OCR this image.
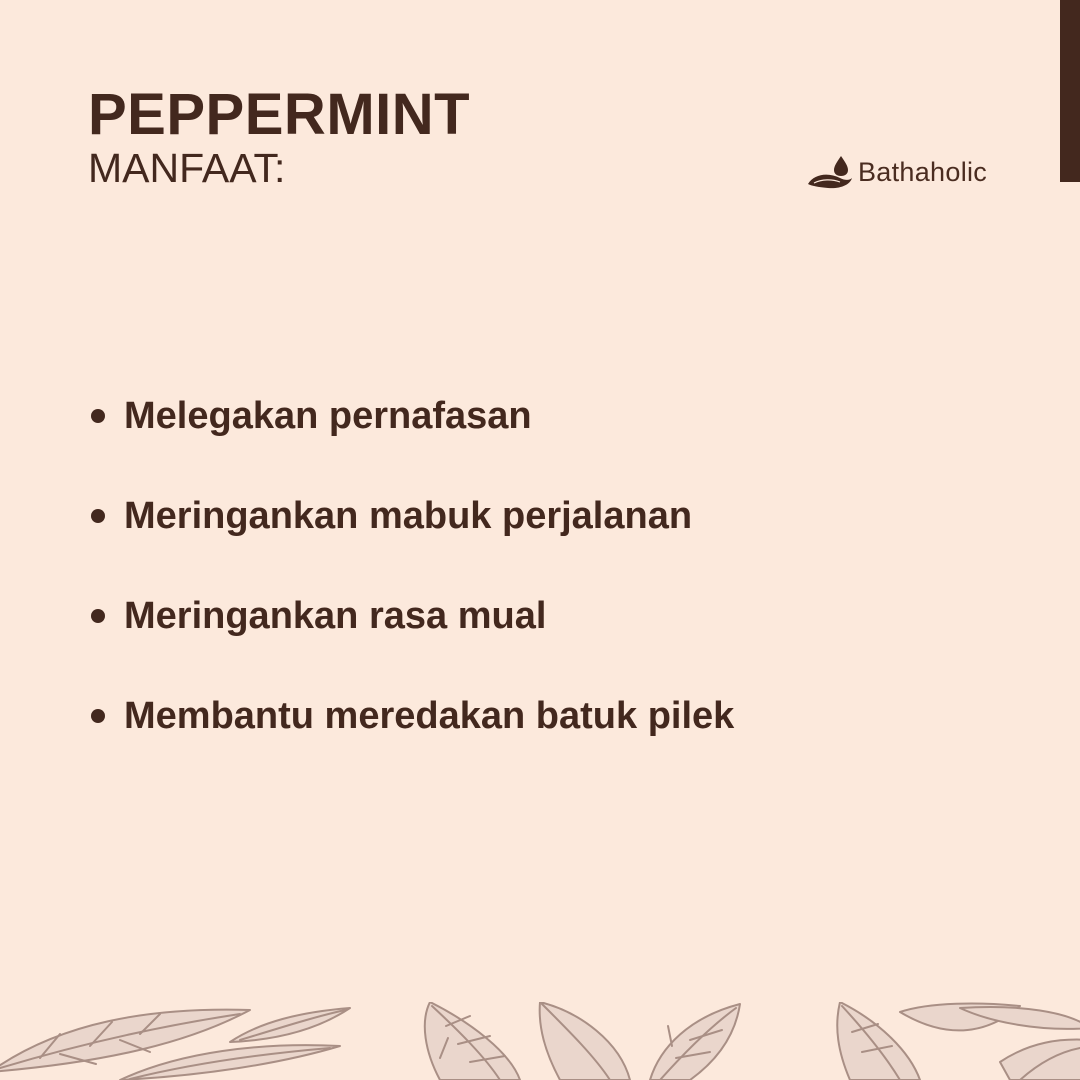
PEPPERMINT

MANFAAT:	Bathaholic
Melegakan pernafasan
Meringankan mabuk perjalanan
Meringankan rasa mual
Membantu meredakan batuk pilek
